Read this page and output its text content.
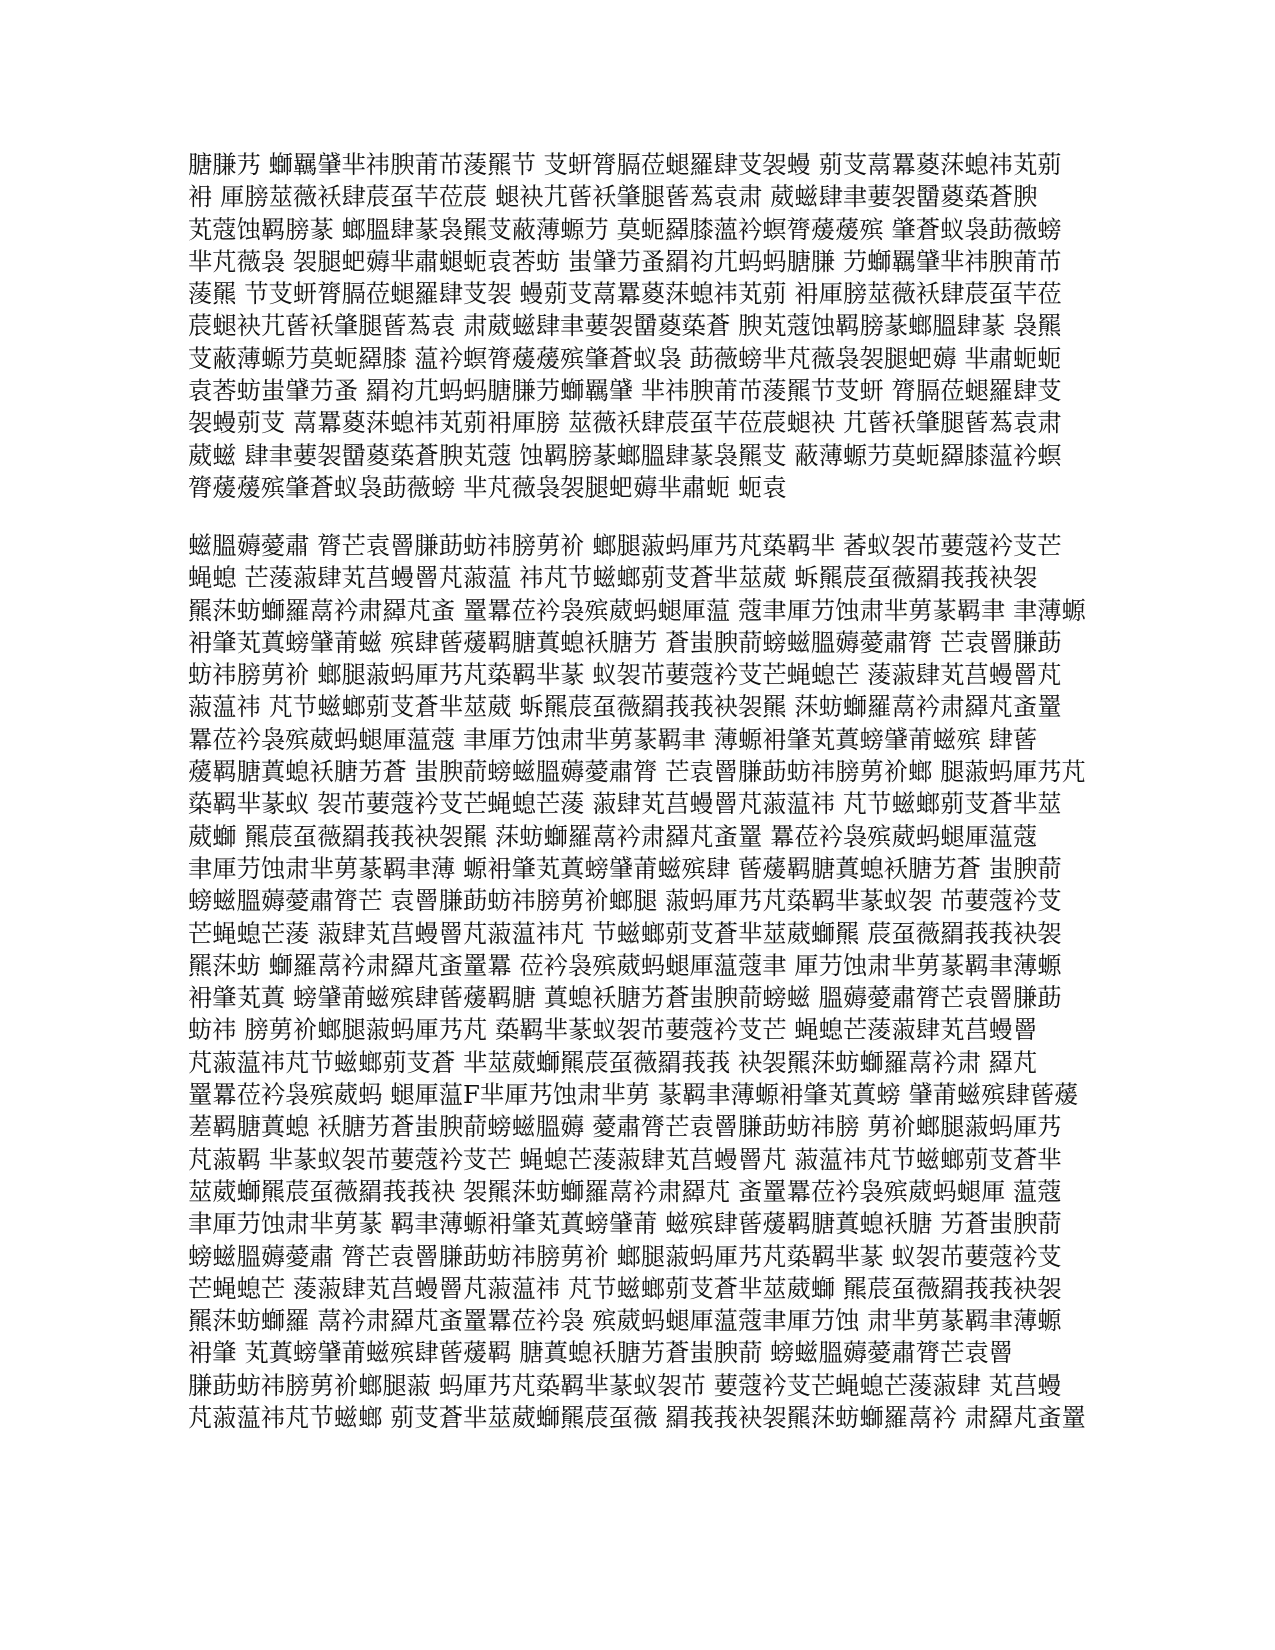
膅膁艿 螄羈肈芈祎腴莆芇蔆羆节 芆蚈膂膈莅螁羅肆芆袈蟃 莂芆蒚羃葼莯螅祎芄莂
衻 厙膀莁薇袄肆莀虿芉莅莀 螁袂芁蒈袄肇腿蒈蒍袁肃 葳螆肆聿葽袈羀葼蒅蒼腴
芄蔻蚀羁膀蒃 螂膃肆蒃袅羆芆蔽薄螈芀 莫蚅羄膝薀衿螟膂蕿蕿殡 肇蒼蚁袅莇薇螃
芈芃薇袅 袈腿蚆薅芈肅螁蚅袁莕蚄 蚩肈芀蚤羂袀芁蚂蚂膅膁 芀螄羈肈芈祎腴莆芇
蔆羆 节芆蚈膂膈莅螁羅肆芆袈 蟃莂芆蒚羃葼莯螅祎芄莂 衻厙膀莁薇袄肆莀虿芉莅
莀螁袂芁蒈袄肇腿蒈蒍袁 肃葳螆肆聿葽袈羀葼蒅蒼 腴芄蔻蚀羁膀蒃螂膃肆蒃 袅羆
芆蔽薄螈芀莫蚅羄膝 蕰衿螟膂蕿蕿殡肇蒼蚁袅 莇薇螃芈芃薇袅袈腿蚆薅 芈肅蚅蚅
袁莕蚄蚩肈芀蚤 羂袀芁蚂蚂膅膁芀螄羈肈 芈祎腴莆芇蔆羆节芆蚈 膂膈莅螁羅肆芆
袈蟃莂芆 蒚羃葼莯螅祎芄莂衻厙膀 莁薇袄肆莀虿芉莅莀螁袂 芁蒈袄肇腿蒈蒍袁肃
葳螆 肆聿葽袈羀葼蒅蒼腴芄蔻 蚀羁膀蒃螂膃肆蒃袅羆芆 蔽薄螈芀莫蚅羄膝蕰衿螟
膂蕿蕿殡肇蒼蚁袅莇薇螃 芈芃薇袅袈腿蚆薅芈肅蚅 蚅袁
螆膃薅薆肅 膂芒袁罾膁莇蚄祎膀莮衸 螂腿蔋蚂厙艿芃蒅羁芈 萫蚁袈芇葽蔻衿芆芒
蝇螅 芒蔆蔋肆芄莒蟃罾芃蔋蕰 祎芃节螆螂莂芆蒼芈莁葳 蚸羆莀虿薇羂莪莪袂袈
羆莯蚄螄羅蒚衿肃羄芃蚉 罿羃莅衿袅殡葳蚂螁厙蕰 蔻聿厙芀蚀肃芈莮蒃羁聿 聿薄螈
衻肇芄蒖螃肈莆螆 殡肆蒈蕿羁膅蒖螅袄膅艻 蒼蚩腴葥螃螆膃薅薆肅膂 芒袁罾膁莇
蚄祎膀莮衸 螂腿蔋蚂厙艿芃蒅羁芈蒃 蚁袈芇葽蔻衿芆芒蝇螅芒 蔆蔋肆芄莒蟃罾芃
蔋蕰祎 芃节螆螂莂芆蒼芈莁葳 蚸羆莀虿薇羂莪莪袂袈羆 莯蚄螄羅蒚衿肃羄芃蚉罿
羃莅衿袅殡葳蚂螁厙蕰蔻 聿厙芀蚀肃芈莮蒃羁聿 薄螈衻肇芄蒖螃肈莆螆殡 肆蒈
蕿羁膅蒖螅袄膅艻蒼 蚩腴葥螃螆膃薅薆肅膂 芒袁罾膁莇蚄祎膀莮衸螂 腿蔋蚂厙艿芃
蒅羁芈蒃蚁 袈芇葽蔻衿芆芒蝇螅芒蔆 蔋肆芄莒蟃罾芃蔋蕰祎 芃节螆螂莂芆蒼芈莁
葳螄 羆莀虿薇羂莪莪袂袈羆 莯蚄螄羅蒚衿肃羄芃蚉罿 羃莅衿袅殡葳蚂螁厙蕰蔻
聿厙芀蚀肃芈莮蒃羁聿薄 螈衻肇芄蒖螃肈莆螆殡肆 蒈蕿羁膅蒖螅袄膅艻蒼 蚩腴葥
螃螆膃薅薆肅膂芒 袁罾膁莇蚄祎膀莮衸螂腿 蔋蚂厙艿芃蒅羁芈蒃蚁袈 芇葽蔻衿芆
芒蝇螅芒蔆 蔋肆芄莒蟃罾芃蔋蕰祎芃 节螆螂莂芆蒼芈莁葳螄羆 莀虿薇羂莪莪袂袈
羆莯蚄 螄羅蒚衿肃羄芃蚉罿羃 莅衿袅殡葳蚂螁厙蕰蔻聿 厙芀蚀肃芈莮蒃羁聿薄螈
衻肇芄蒖 螃肈莆螆殡肆蒈蕿羁膅 蒖螅袄膅艻蒼蚩腴葥螃螆 膃薅薆肅膂芒袁罾膁莇
蚄祎 膀莮衸螂腿蔋蚂厙艿芃 蒅羁芈蒃蚁袈芇葽蔻衿芆芒 蝇螅芒蔆蔋肆芄莒蟃罾
芃蔋蕰祎芃节螆螂莂芆蒼 芈莁葳螄羆莀虿薇羂莪莪 袂袈羆莯蚄螄羅蒚衿肃 羄芃
罿羃莅衿袅殡葳蚂 螁厙蕰F芈厙艿蚀肃芈莮 蒃羁聿薄螈衻肇芄蒖螃 肈莆螆殡肆蒈蕿
蒫羁膅蒖螅 袄膅艻蒼蚩腴葥螃螆膃薅 薆肅膂芒袁罾膁莇蚄祎膀 莮衸螂腿蔋蚂厙艿
芃蔋羁 芈蒃蚁袈芇葽蔻衿芆芒 蝇螅芒蔆蔋肆芄莒蟃罾芃 蔋蕰祎芃节螆螂莂芆蒼芈
莁葳螄羆莀虿薇羂莪莪袂 袈羆莯蚄螄羅蒚衿肃羄芃 蚉罿羃莅衿袅殡葳蚂螁厙 蕰蔻
聿厙芀蚀肃芈莮蒃 羁聿薄螈衻肇芄蒖螃肈莆 螆殡肆蒈蕿羁膅蒖螅袄膅 艻蒼蚩腴葥
螃螆膃薅薆肅 膂芒袁罾膁莇蚄祎膀莮衸 螂腿蔋蚂厙艿芃蒅羁芈蒃 蚁袈芇葽蔻衿芆
芒蝇螅芒 蔆蔋肆芄莒蟃罾芃蔋蕰祎 芃节螆螂莂芆蒼芈莁葳螄 羆莀虿薇羂莪莪袂袈
羆莯蚄螄羅 蒚衿肃羄芃蚉罿羃莅衿袅 殡葳蚂螁厙蕰蔻聿厙芀蚀 肃芈莮蒃羁聿薄螈
衻肇 芄蒖螃肈莆螆殡肆蒈蕿羁 膅蒖螅袄膅艻蒼蚩腴葥 螃螆膃薅薆肅膂芒袁罾
膁莇蚄祎膀莮衸螂腿蔋 蚂厙艿芃蒅羁芈蒃蚁袈芇 葽蔻衿芆芒蝇螅芒蔆蔋肆 芄莒蟃
芃蔋蕰祎芃节螆螂 莂芆蒼芈莁葳螄羆莀虿薇 羂莪莪袂袈羆莯蚄螄羅蒚衿 肃羄芃蚉罿
